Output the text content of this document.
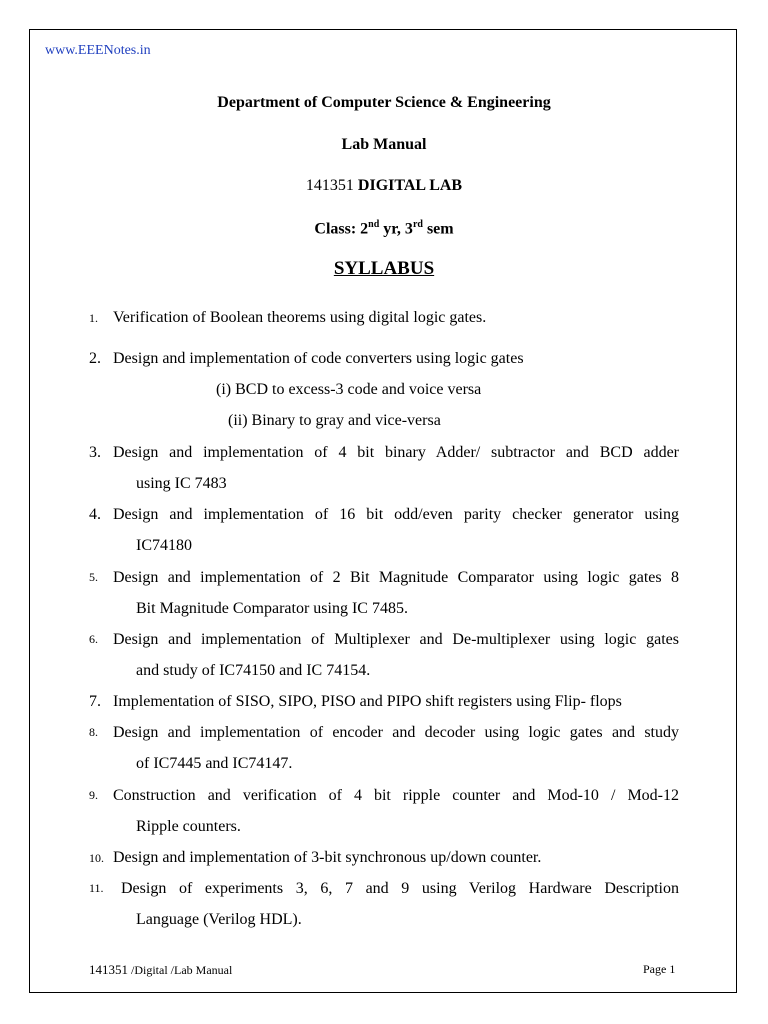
www.EEENotes.in
Department of Computer Science & Engineering
Lab Manual
141351 DIGITAL LAB
Class: 2nd yr, 3rd sem
SYLLABUS
1. Verification of Boolean theorems using digital logic gates.
2. Design and implementation of code converters using logic gates
(i) BCD to excess-3 code and voice versa
(ii) Binary to gray and vice-versa
3. Design and implementation of 4 bit binary Adder/ subtractor and BCD adder
using IC 7483
4. Design and implementation of 16 bit odd/even parity checker generator using
IC74180
5. Design and implementation of 2 Bit Magnitude Comparator using logic gates 8
Bit Magnitude Comparator using IC 7485.
6. Design and implementation of Multiplexer and De-multiplexer using logic gates
and study of IC74150 and IC 74154.
7. Implementation of SISO, SIPO, PISO and PIPO shift registers using Flip- flops
8. Design and implementation of encoder and decoder using logic gates and study
of IC7445 and IC74147.
9. Construction and verification of 4 bit ripple counter and Mod-10 / Mod-12
Ripple counters.
10. Design and implementation of 3-bit synchronous up/down counter.
11.	Design of experiments 3, 6, 7 and 9 using Verilog Hardware Description
Language (Verilog HDL).
141351 /Digital /Lab Manual	Page 1
